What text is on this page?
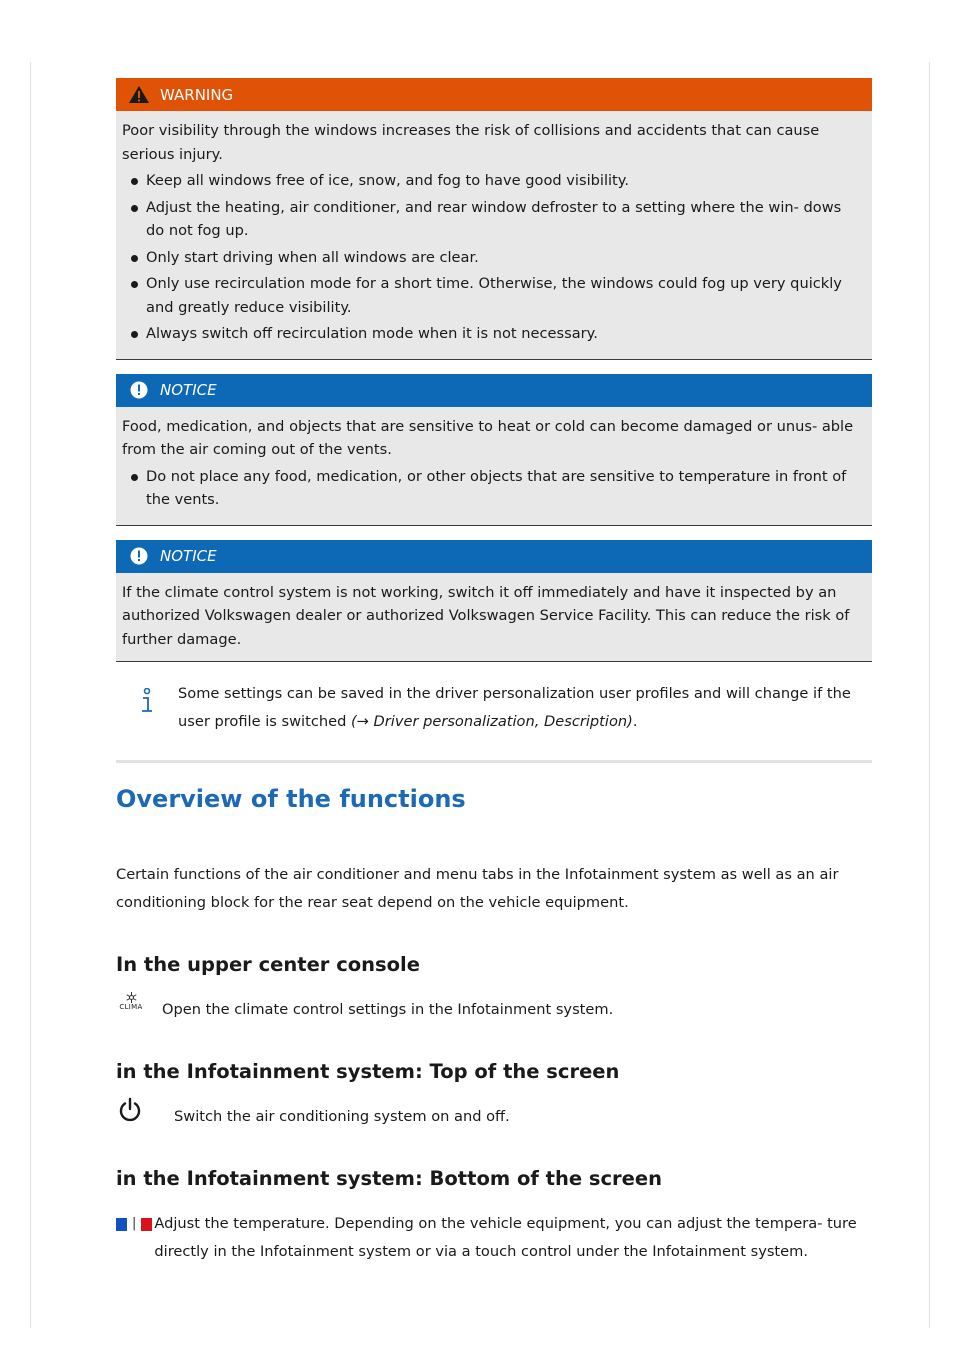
WARNING

Poor visibility through the windows increases the risk of collisions and accidents that can cause serious injury.

Keep all windows free of ice, snow, and fog to have good visibility.
Adjust the heating, air conditioner, and rear window defroster to a setting where the win- dows do not fog up.
Only start driving when all windows are clear.
Only use recirculation mode for a short time. Otherwise, the windows could fog up very quickly and greatly reduce visibility.
Always switch off recirculation mode when it is not necessary.
NOTICE

Food, medication, and objects that are sensitive to heat or cold can become damaged or unus- able from the air coming out of the vents.

Do not place any food, medication, or other objects that are sensitive to temperature in front of the vents.
NOTICE

If the climate control system is not working, switch it off immediately and have it inspected by an authorized Volkswagen dealer or authorized Volkswagen Service Facility. This can reduce the risk of further damage.

Some settings can be saved in the driver personalization user profiles and will change if the user profile is switched (→ Driver personalization, Description).
Overview of the functions

Certain functions of the air conditioner and menu tabs in the Infotainment system as well as an air conditioning block for the rear seat depend on the vehicle equipment.

In the upper center console
CLIMA Open the climate control settings in the Infotainment system.
in the Infotainment system: Top of the screen
Switch the air conditioning system on and off.
in the Infotainment system: Bottom of the screen
| Adjust the temperature. Depending on the vehicle equipment, you can adjust the tempera- ture directly in the Infotainment system or via a touch control under the Infotainment system.
